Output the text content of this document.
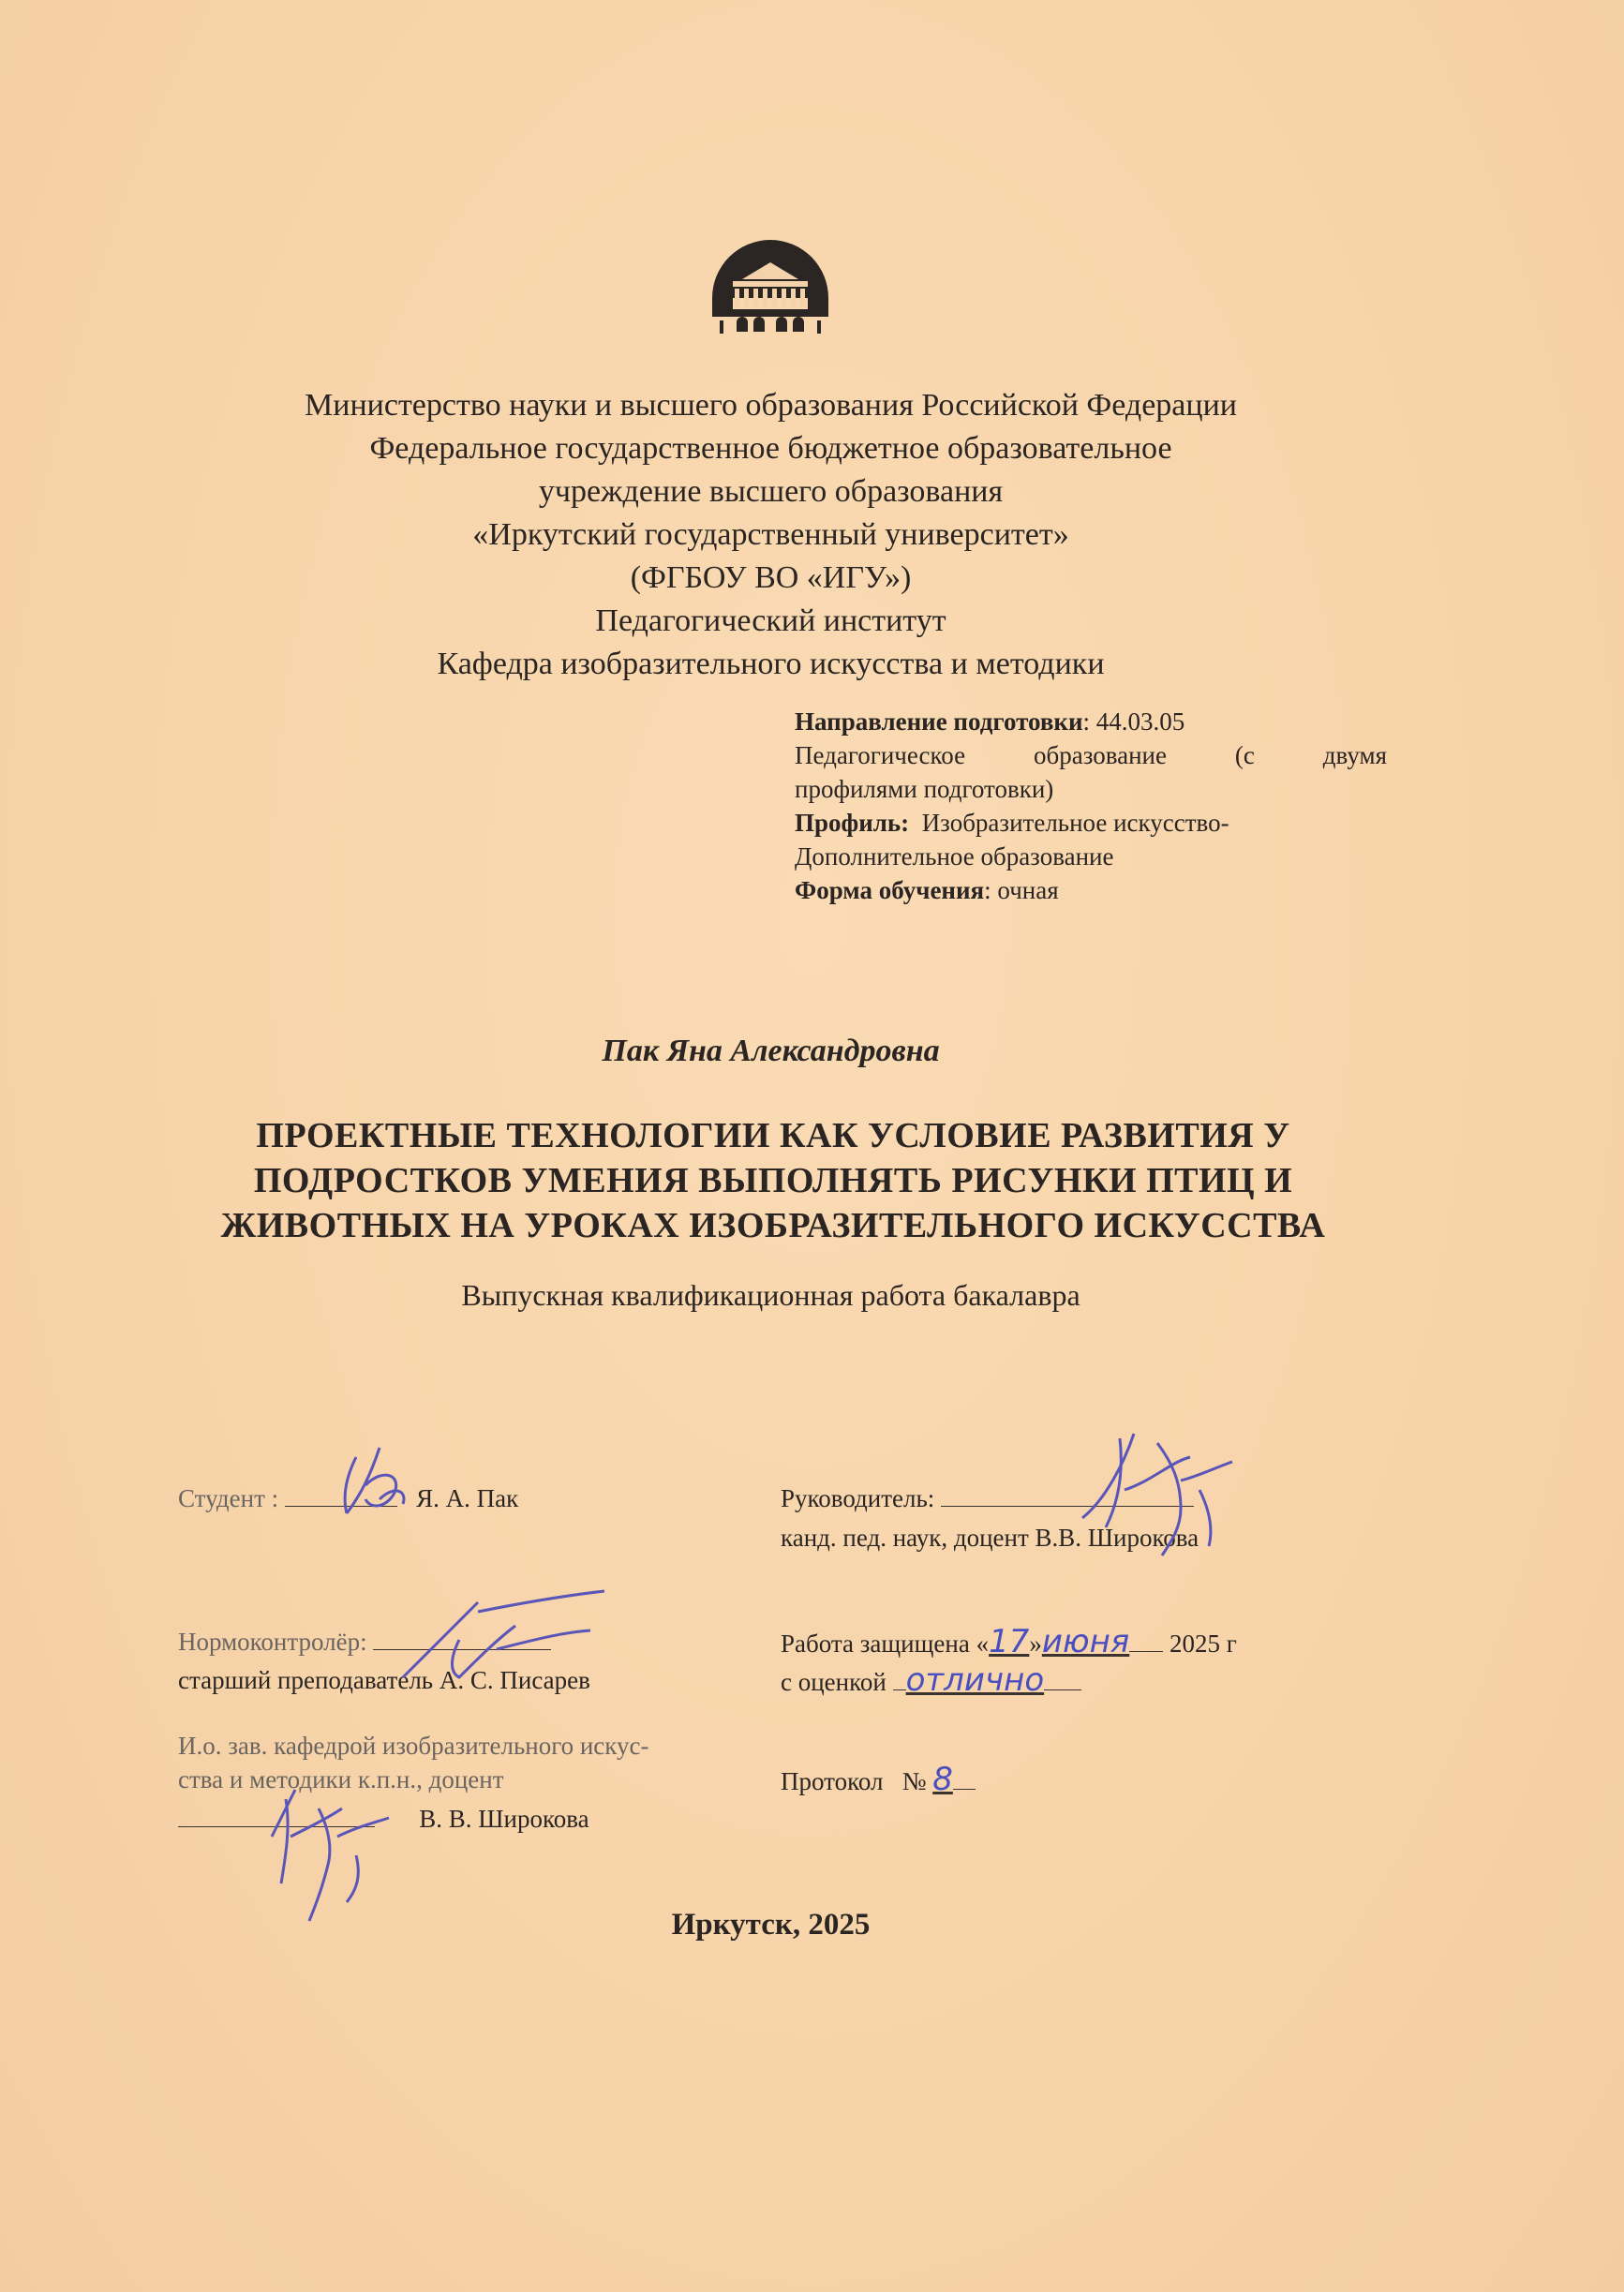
Министерство науки и высшего образования Российской Федерации
Федеральное государственное бюджетное образовательное
учреждение высшего образования
«Иркутский государственный университет»
(ФГБОУ ВО «ИГУ»)
Педагогический институт
Кафедра изобразительного искусства и методики
Направление подготовки: 44.03.05
Педагогическое образование (с двумя
профилями подготовки)
Профиль: Изобразительное искусство-
Дополнительное образование
Форма обучения: очная
Пак Яна Александровна
ПРОЕКТНЫЕ ТЕХНОЛОГИИ КАК УСЛОВИЕ РАЗВИТИЯ У
ПОДРОСТКОВ УМЕНИЯ ВЫПОЛНЯТЬ РИСУНКИ ПТИЦ И
ЖИВОТНЫХ НА УРОКАХ ИЗОБРАЗИТЕЛЬНОГО ИСКУССТВА
Выпускная квалификационная работа бакалавра
Студент :	Я. А. Пак	Руководитель:
канд. пед. наук, доцент В.В. Широкова
Нормоконтролёр:
старший преподаватель А. С. Писарев
Работа защищена «17»июня 2025 г
с оценкой отлично
И.о. зав. кафедрой изобразительного искус-
ства и методики к.п.н., доцент
В. В. Широкова
Протокол № 8
Иркутск, 2025
